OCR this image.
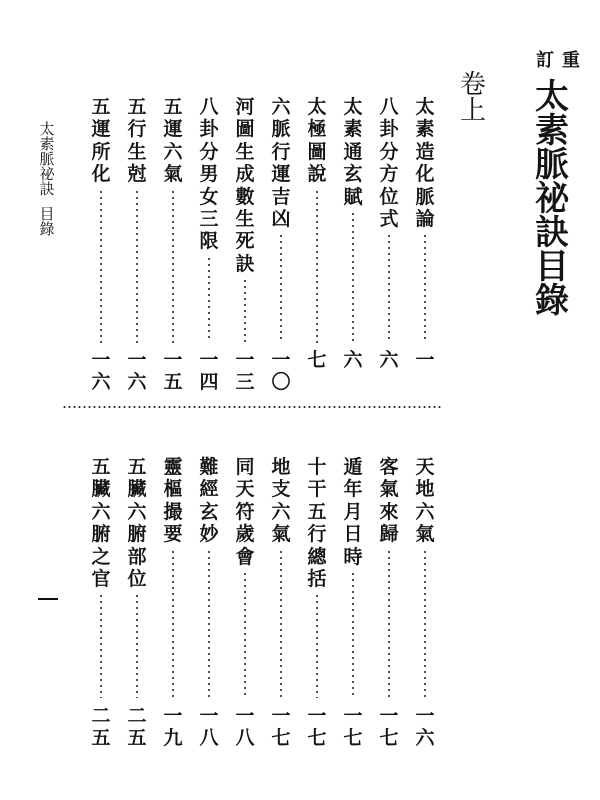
訂 重
太
素
脈
祕
訣
目
錄
卷
上
太
素
造
化
脈
論
一
八
卦
分
方
位
式
六
太
素
通
玄
賦
六
太
極
圖
說
七
六
脈
行
運
吉
凶
一
〇
河
圖
生
成
數
生
死
訣
一
三
八
卦
分
男
女
三
限
一
四
五
運
六
氣
一
五
五
行
生
尅
一
六
五
運
所
化
一
六
天
地
六
氣
一
六
客
氣
來
歸
一
七
遁
年
月
日
時
一
七
十
干
五
行
總
括
一
七
地
支
六
氣
一
七
同
天
符
歲
會
一
八
難
經
玄
妙
一
八
靈
樞
撮
要
一
九
五
臟
六
腑
部
位
二
五
五
臟
六
腑
之
官
二
五
太
素
脈
祕
訣
目
錄
